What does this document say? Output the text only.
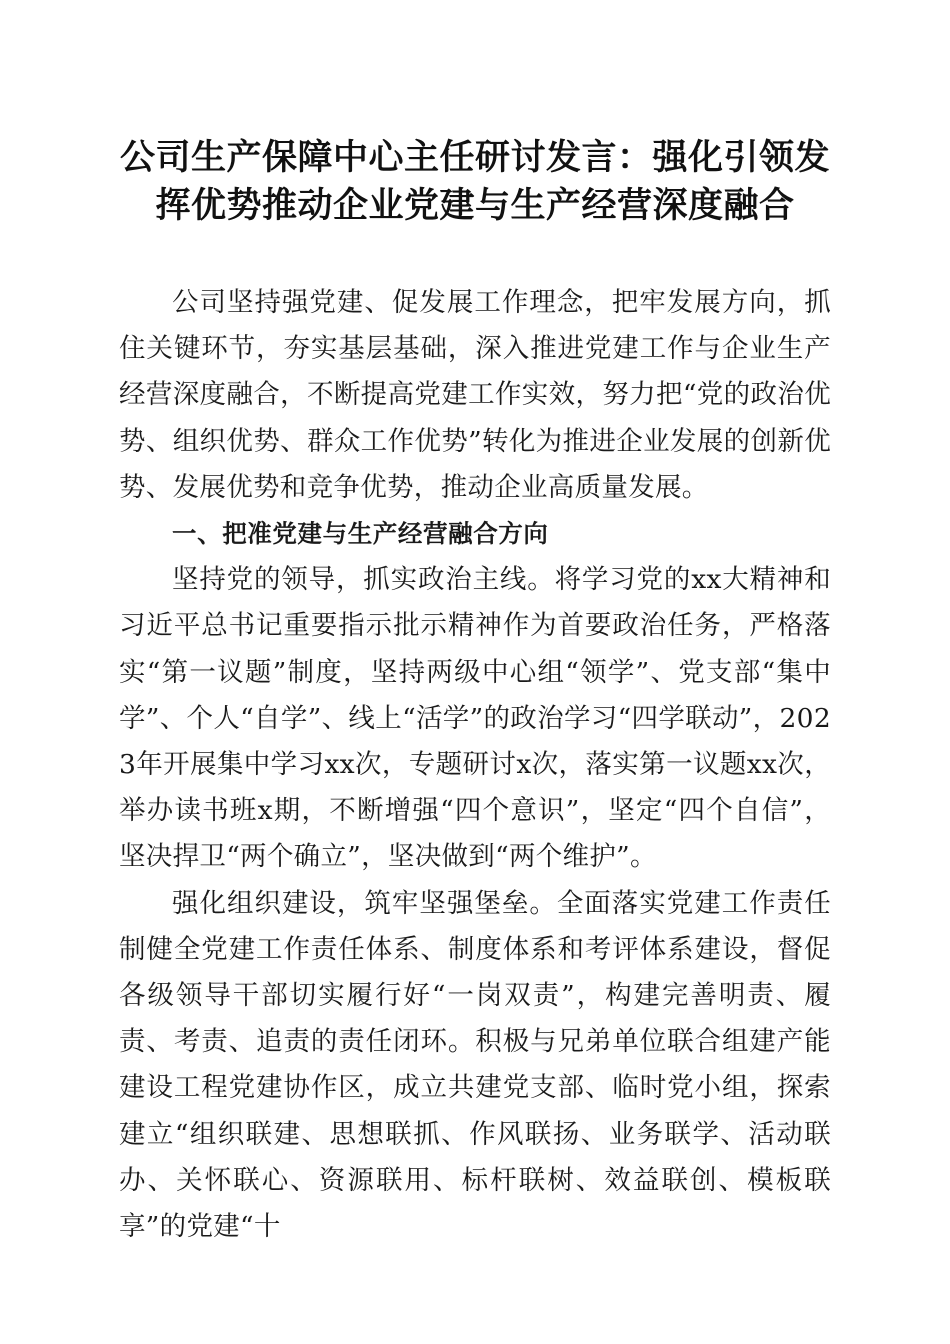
公司生产保障中心主任研讨发言：强化引领发
挥优势推动企业党建与生产经营深度融合

公司坚持强党建、促发展工作理念，把牢发展方向，抓住关键环节，夯实基层基础，深入推进党建工作与企业生产经营深度融合，不断提高党建工作实效，努力把“党的政治优势、组织优势、群众工作优势”转化为推进企业发展的创新优势、发展优势和竞争优势，推动企业高质量发展。

一、把准党建与生产经营融合方向

坚持党的领导，抓实政治主线。将学习党的xx大精神和习近平总书记重要指示批示精神作为首要政治任务，严格落实“第一议题”制度，坚持两级中心组“领学”、党支部“集中学”、个人“自学”、线上“活学”的政治学习“四学联动”，2023年开展集中学习xx次，专题研讨x次，落实第一议题xx次，举办读书班x期，不断增强“四个意识”，坚定“四个自信”，坚决捍卫“两个确立”，坚决做到“两个维护”。

强化组织建设，筑牢坚强堡垒。全面落实党建工作责任制健全党建工作责任体系、制度体系和考评体系建设，督促各级领导干部切实履行好“一岗双责”，构建完善明责、履责、考责、追责的责任闭环。积极与兄弟单位联合组建产能建设工程党建协作区，成立共建党支部、临时党小组，探索建立“组织联建、思想联抓、作风联扬、业务联学、活动联办、关怀联心、资源联用、标杆联树、效益联创、模板联享”的党建“十
